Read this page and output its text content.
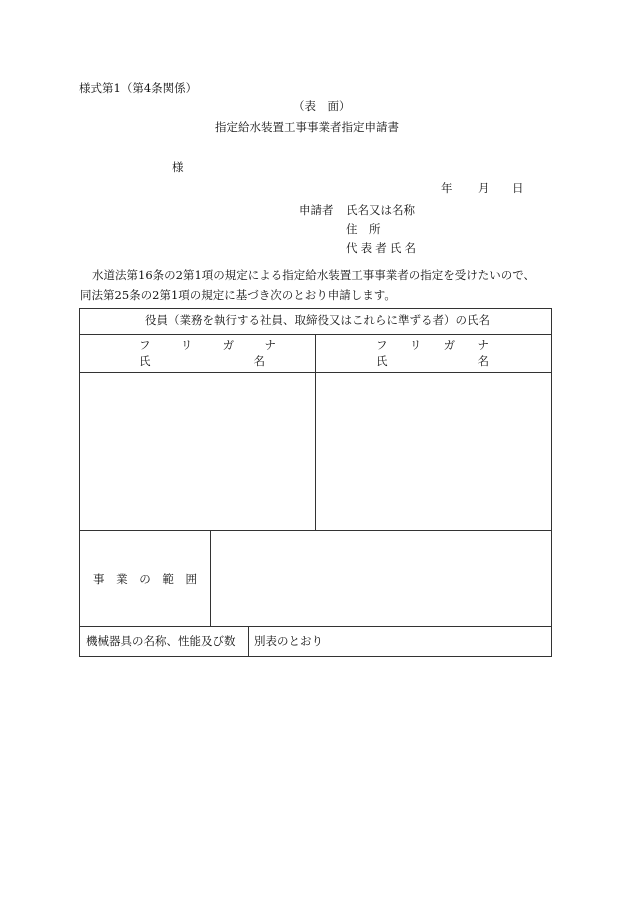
様式第1（第4条関係）
（表　面）
指定給水装置工事事業者指定申請書
様
年 月 日
申請者 氏名又は名称
住　所
代 表 者 氏 名
水道法第16条の2第1項の規定による指定給水装置工事事業者の指定を受けたいので、
同法第25条の2第1項の規定に基づき次のとおり申請します。
役員（業務を執行する社員、取締役又はこれらに準ずる者）の氏名
フ	リ	ガ	ナ
氏	名
フ リ ガ ナ
氏	名
事 業 の 範 囲
機械器具の名称、性能及び数 別表のとおり
